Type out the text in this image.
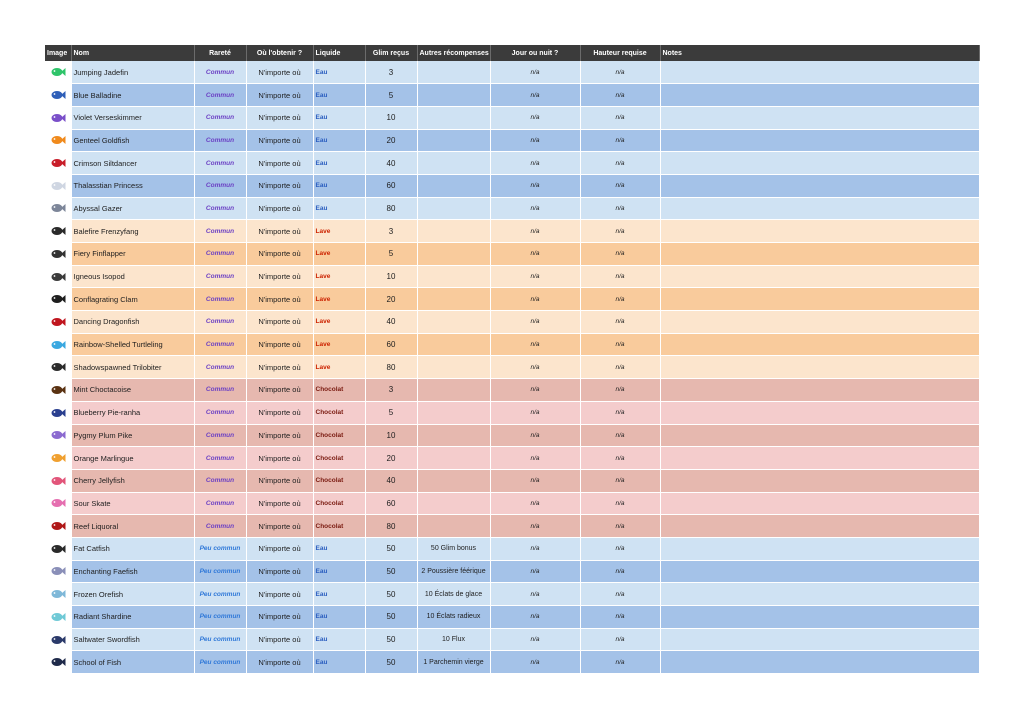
Image	Nom	Rareté	Où l'obtenir ?	Liquide	Glim reçus	Autres récompenses	Jour ou nuit ?	Hauteur requise	Notes

	Jumping Jadefin	Commun	N'importe où	Eau	3		n/a	n/a	

	Blue Balladine	Commun	N'importe où	Eau	5		n/a	n/a	

	Violet Verseskimmer	Commun	N'importe où	Eau	10		n/a	n/a	

	Genteel Goldfish	Commun	N'importe où	Eau	20		n/a	n/a	

	Crimson Siltdancer	Commun	N'importe où	Eau	40		n/a	n/a	

	Thalasstian Princess	Commun	N'importe où	Eau	60		n/a	n/a	

	Abyssal Gazer	Commun	N'importe où	Eau	80		n/a	n/a	

	Balefire Frenzyfang	Commun	N'importe où	Lave	3		n/a	n/a	

	Fiery Finflapper	Commun	N'importe où	Lave	5		n/a	n/a	

	Igneous Isopod	Commun	N'importe où	Lave	10		n/a	n/a	

	Conflagrating Clam	Commun	N'importe où	Lave	20		n/a	n/a	

	Dancing Dragonfish	Commun	N'importe où	Lave	40		n/a	n/a	

	Rainbow-Shelled Turtleling	Commun	N'importe où	Lave	60		n/a	n/a	

	Shadowspawned Trilobiter	Commun	N'importe où	Lave	80		n/a	n/a	

	Mint Choctacoise	Commun	N'importe où	Chocolat	3		n/a	n/a	

	Blueberry Pie-ranha	Commun	N'importe où	Chocolat	5		n/a	n/a	

	Pygmy Plum Pike	Commun	N'importe où	Chocolat	10		n/a	n/a	

	Orange Marlingue	Commun	N'importe où	Chocolat	20		n/a	n/a	

	Cherry Jellyfish	Commun	N'importe où	Chocolat	40		n/a	n/a	

	Sour Skate	Commun	N'importe où	Chocolat	60		n/a	n/a	

	Reef Liquoral	Commun	N'importe où	Chocolat	80		n/a	n/a	

	Fat Catfish	Peu commun	N'importe où	Eau	50	50 Glim bonus	n/a	n/a	

	Enchanting Faefish	Peu commun	N'importe où	Eau	50	2 Poussière féérique	n/a	n/a	

	Frozen Orefish	Peu commun	N'importe où	Eau	50	10 Éclats de glace	n/a	n/a	

	Radiant Shardine	Peu commun	N'importe où	Eau	50	10 Éclats radieux	n/a	n/a	

	Saltwater Swordfish	Peu commun	N'importe où	Eau	50	10 Flux	n/a	n/a	

	School of Fish	Peu commun	N'importe où	Eau	50	1 Parchemin vierge	n/a	n/a	
